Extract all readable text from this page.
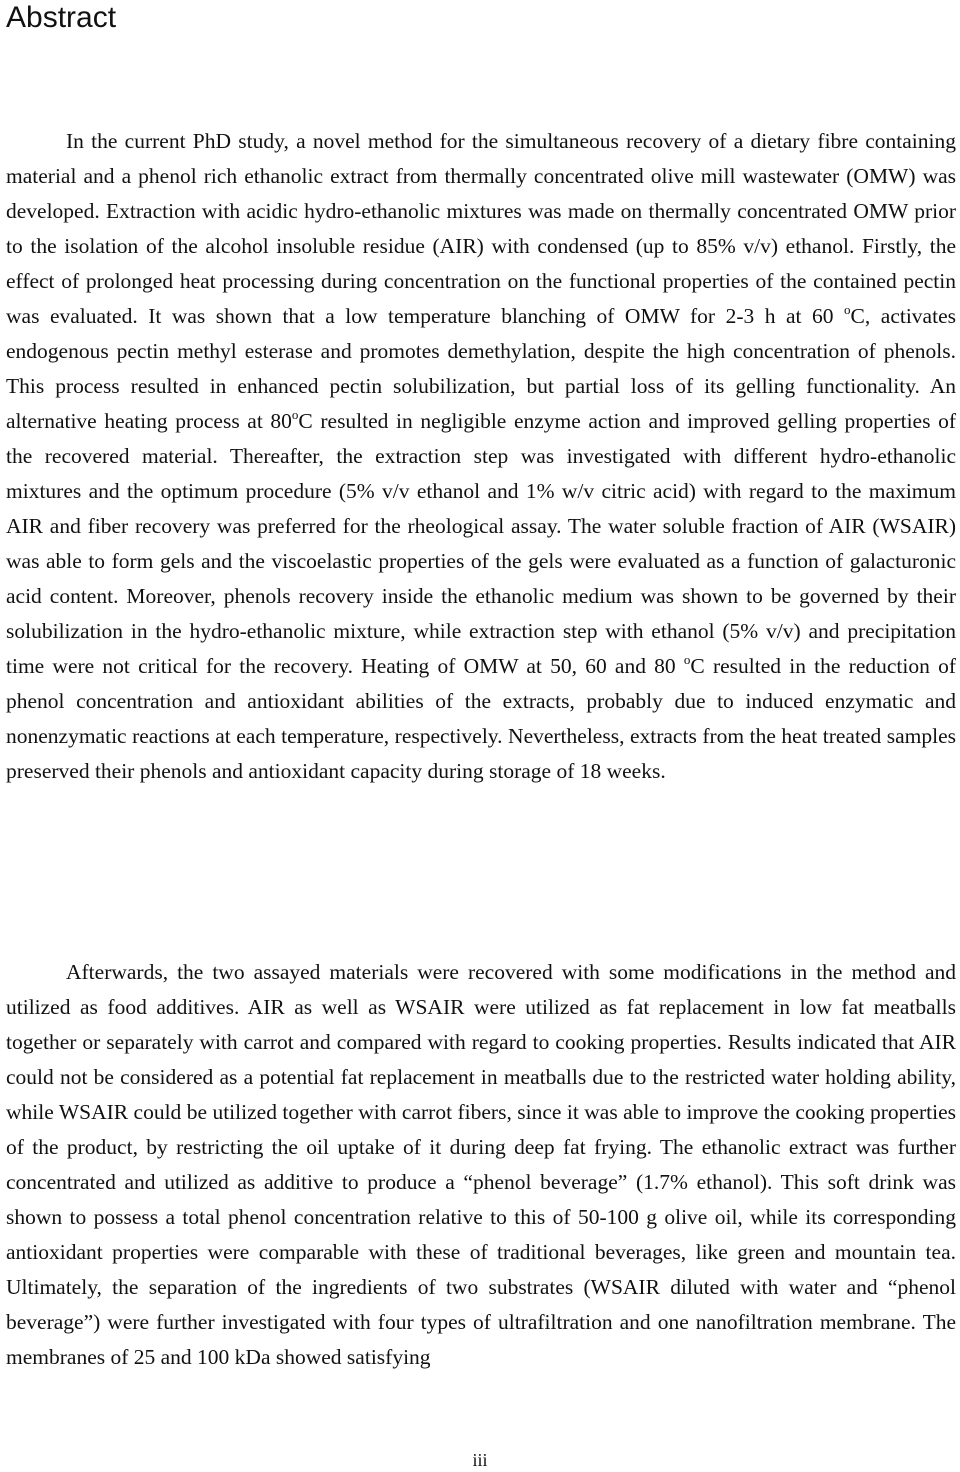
Abstract

In the current PhD study, a novel method for the simultaneous recovery of a dietary fibre containing material and a phenol rich ethanolic extract from thermally concentrated olive mill wastewater (OMW) was developed. Extraction with acidic hydro-ethanolic mixtures was made on thermally concentrated OMW prior to the isolation of the alcohol insoluble residue (AIR) with condensed (up to 85% v/v) ethanol. Firstly, the effect of prolonged heat processing during concentration on the functional properties of the contained pectin was evaluated. It was shown that a low temperature blanching of OMW for 2-3 h at 60 $^o$C, activates endogenous pectin methyl esterase and promotes demethylation, despite the high concentration of phenols. This process resulted in enhanced pectin solubilization, but partial loss of its gelling functionality. An alternative heating process at 80$^o$C resulted in negligible enzyme action and improved gelling properties of the recovered material. Thereafter, the extraction step was investigated with different hydro-ethanolic mixtures and the optimum procedure (5% v/v ethanol and 1% w/v citric acid) with regard to the maximum AIR and fiber recovery was preferred for the rheological assay. The water soluble fraction of AIR (WSAIR) was able to form gels and the viscoelastic properties of the gels were evaluated as a function of galacturonic acid content. Moreover, phenols recovery inside the ethanolic medium was shown to be governed by their solubilization in the hydro-ethanolic mixture, while extraction step with ethanol (5% v/v) and precipitation time were not critical for the recovery. Heating of OMW at 50, 60 and 80 $^o$C resulted in the reduction of phenol concentration and antioxidant abilities of the extracts, probably due to induced enzymatic and nonenzymatic reactions at each temperature, respectively. Nevertheless, extracts from the heat treated samples preserved their phenols and antioxidant capacity during storage of 18 weeks.

Afterwards, the two assayed materials were recovered with some modifications in the method and utilized as food additives. AIR as well as WSAIR were utilized as fat replacement in low fat meatballs together or separately with carrot and compared with regard to cooking properties. Results indicated that AIR could not be considered as a potential fat replacement in meatballs due to the restricted water holding ability, while WSAIR could be utilized together with carrot fibers, since it was able to improve the cooking properties of the product, by restricting the oil uptake of it during deep fat frying. The ethanolic extract was further concentrated and utilized as additive to produce a “phenol beverage” (1.7% ethanol). This soft drink was shown to possess a total phenol concentration relative to this of 50-100 g olive oil, while its corresponding antioxidant properties were comparable with these of traditional beverages, like green and mountain tea. Ultimately, the separation of the ingredients of two substrates (WSAIR diluted with water and “phenol beverage”) were further investigated with four types of ultrafiltration and one nanofiltration membrane. The membranes of 25 and 100 kDa showed satisfying

iii
